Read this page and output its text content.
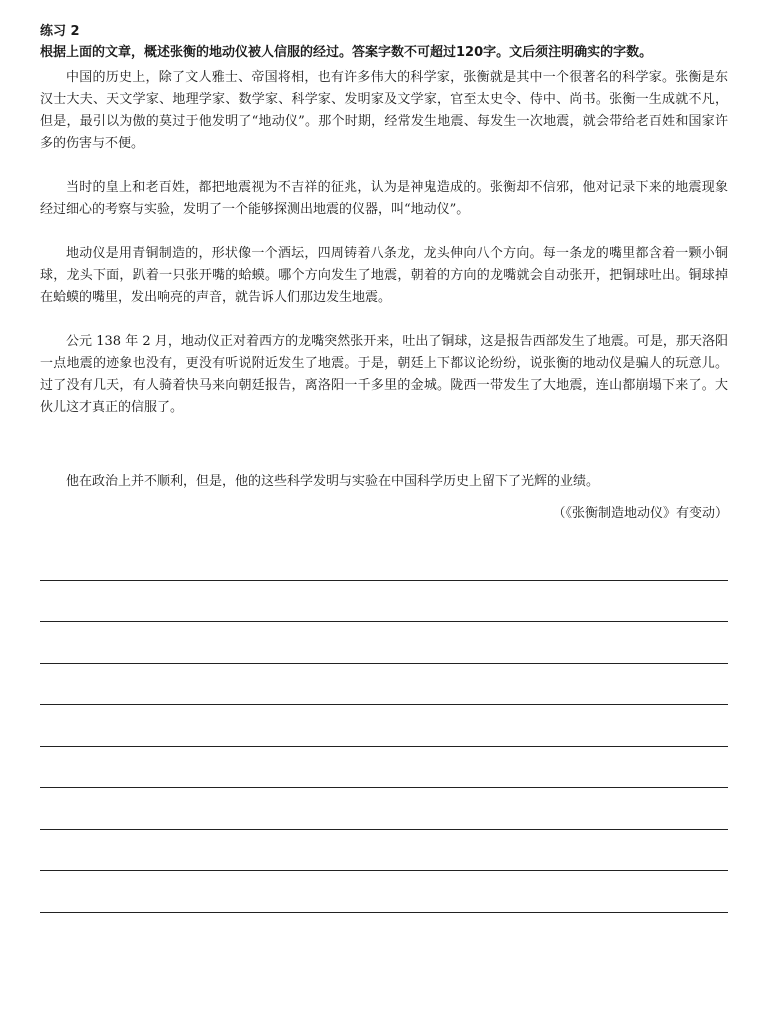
练习 2

根据上面的文章，概述张衡的地动仪被人信服的经过。答案字数不可超过120字。文后须注明确实的字数。

中国的历史上，除了文人雅士、帝国将相，也有许多伟大的科学家，张衡就是其中一个很著名的科学家。张衡是东汉士大夫、天文学家、地理学家、数学家、科学家、发明家及文学家，官至太史令、侍中、尚书。张衡一生成就不凡，但是，最引以为傲的莫过于他发明了“地动仪”。那个时期，经常发生地震、每发生一次地震，就会带给老百姓和国家许多的伤害与不便。

当时的皇上和老百姓，都把地震视为不吉祥的征兆，认为是神鬼造成的。张衡却不信邪，他对记录下来的地震现象经过细心的考察与实验，发明了一个能够探测出地震的仪器，叫“地动仪”。

地动仪是用青铜制造的，形状像一个酒坛，四周铸着八条龙，龙头伸向八个方向。每一条龙的嘴里都含着一颗小铜球，龙头下面，趴着一只张开嘴的蛤蟆。哪个方向发生了地震，朝着的方向的龙嘴就会自动张开，把铜球吐出。铜球掉在蛤蟆的嘴里，发出响亮的声音，就告诉人们那边发生地震。

公元 138 年 2 月，地动仪正对着西方的龙嘴突然张开来，吐出了铜球，这是报告西部发生了地震。可是，那天洛阳一点地震的迹象也没有，更没有听说附近发生了地震。于是，朝廷上下都议论纷纷，说张衡的地动仪是骗人的玩意儿。过了没有几天，有人骑着快马来向朝廷报告，离洛阳一千多里的金城。陇西一带发生了大地震，连山都崩塌下来了。大伙儿这才真正的信服了。

他在政治上并不顺利，但是，他的这些科学发明与实验在中国科学历史上留下了光辉的业绩。

（《张衡制造地动仪》有变动）
